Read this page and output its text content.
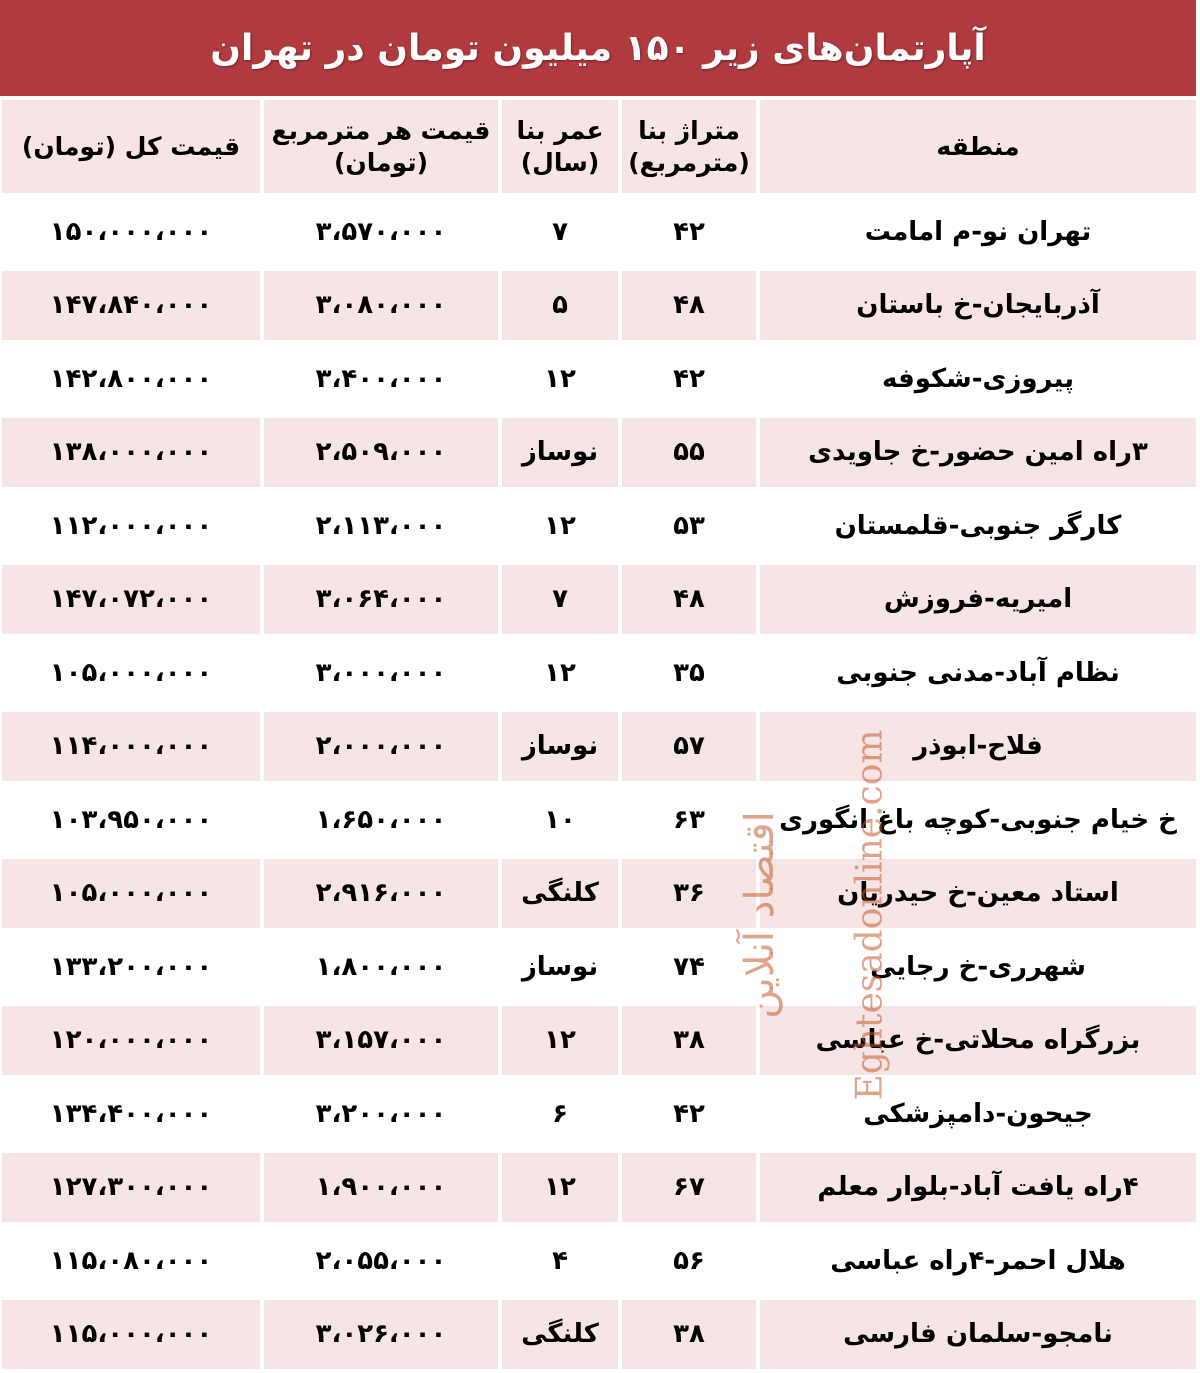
آپارتمان‌های زیر ۱۵۰ میلیون تومان در تهران
منطقه
متراژ بنا
(مترمربع)
عمر بنا
(سال)
قیمت هر مترمربع
(تومان)
قیمت کل (تومان)
تهران نو-م امامت
۴۲
۷
۳،۵۷۰،۰۰۰
۱۵۰،۰۰۰،۰۰۰
آذربایجان-خ باستان
۴۸
۵
۳،۰۸۰،۰۰۰
۱۴۷،۸۴۰،۰۰۰
پیروزی-شکوفه
۴۲
۱۲
۳،۴۰۰،۰۰۰
۱۴۲،۸۰۰،۰۰۰
۳راه امین حضور-خ جاویدی
۵۵
نوساز
۲،۵۰۹،۰۰۰
۱۳۸،۰۰۰،۰۰۰
کارگر جنوبی-قلمستان
۵۳
۱۲
۲،۱۱۳،۰۰۰
۱۱۲،۰۰۰،۰۰۰
امیریه-فروزش
۴۸
۷
۳،۰۶۴،۰۰۰
۱۴۷،۰۷۲،۰۰۰
نظام آباد-مدنی جنوبی
۳۵
۱۲
۳،۰۰۰،۰۰۰
۱۰۵،۰۰۰،۰۰۰
فلاح-ابوذر
۵۷
نوساز
۲،۰۰۰،۰۰۰
۱۱۴،۰۰۰،۰۰۰
خ خیام جنوبی-کوچه باغ انگوری
۶۳
۱۰
۱،۶۵۰،۰۰۰
۱۰۳،۹۵۰،۰۰۰
استاد معین-خ حیدریان
۳۶
کلنگی
۲،۹۱۶،۰۰۰
۱۰۵،۰۰۰،۰۰۰
شهرری-خ رجایی
۷۴
نوساز
۱،۸۰۰،۰۰۰
۱۳۳،۲۰۰،۰۰۰
بزرگراه محلاتی-خ عباسی
۳۸
۱۲
۳،۱۵۷،۰۰۰
۱۲۰،۰۰۰،۰۰۰
جیحون-دامپزشکی
۴۲
۶
۳،۲۰۰،۰۰۰
۱۳۴،۴۰۰،۰۰۰
۴راه یافت آباد-بلوار معلم
۶۷
۱۲
۱،۹۰۰،۰۰۰
۱۲۷،۳۰۰،۰۰۰
هلال احمر-۴راه عباسی
۵۶
۴
۲،۰۵۵،۰۰۰
۱۱۵،۰۸۰،۰۰۰
نامجو-سلمان فارسی
۳۸
کلنگی
۳،۰۲۶،۰۰۰
۱۱۵،۰۰۰،۰۰۰
اقتصاد آنلاین Eghtesadonline.com
